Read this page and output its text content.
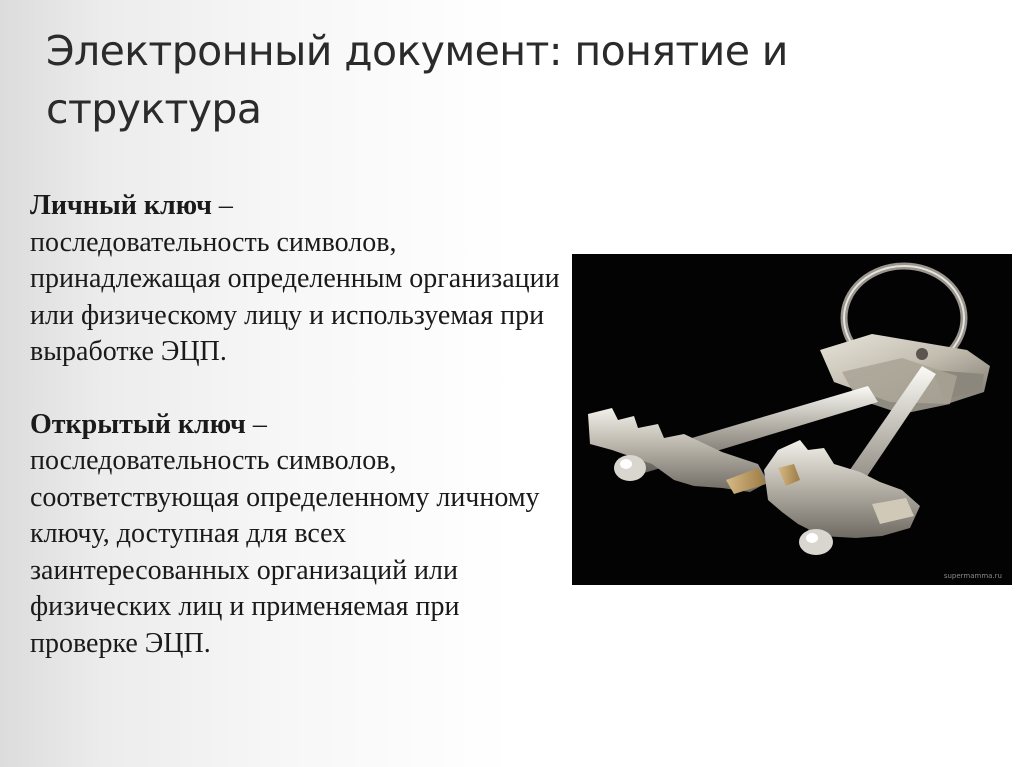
Электронный документ: понятие и структура

Личный ключ –
последовательность символов, принадлежащая определенным организации или физическому лицу и используемая при выработке ЭЦП.

Открытый ключ –
последовательность символов, соответствующая определенному личному ключу, доступная для всех заинтересованных организаций или физических лиц и применяемая при проверке ЭЦП.

supermamma.ru
